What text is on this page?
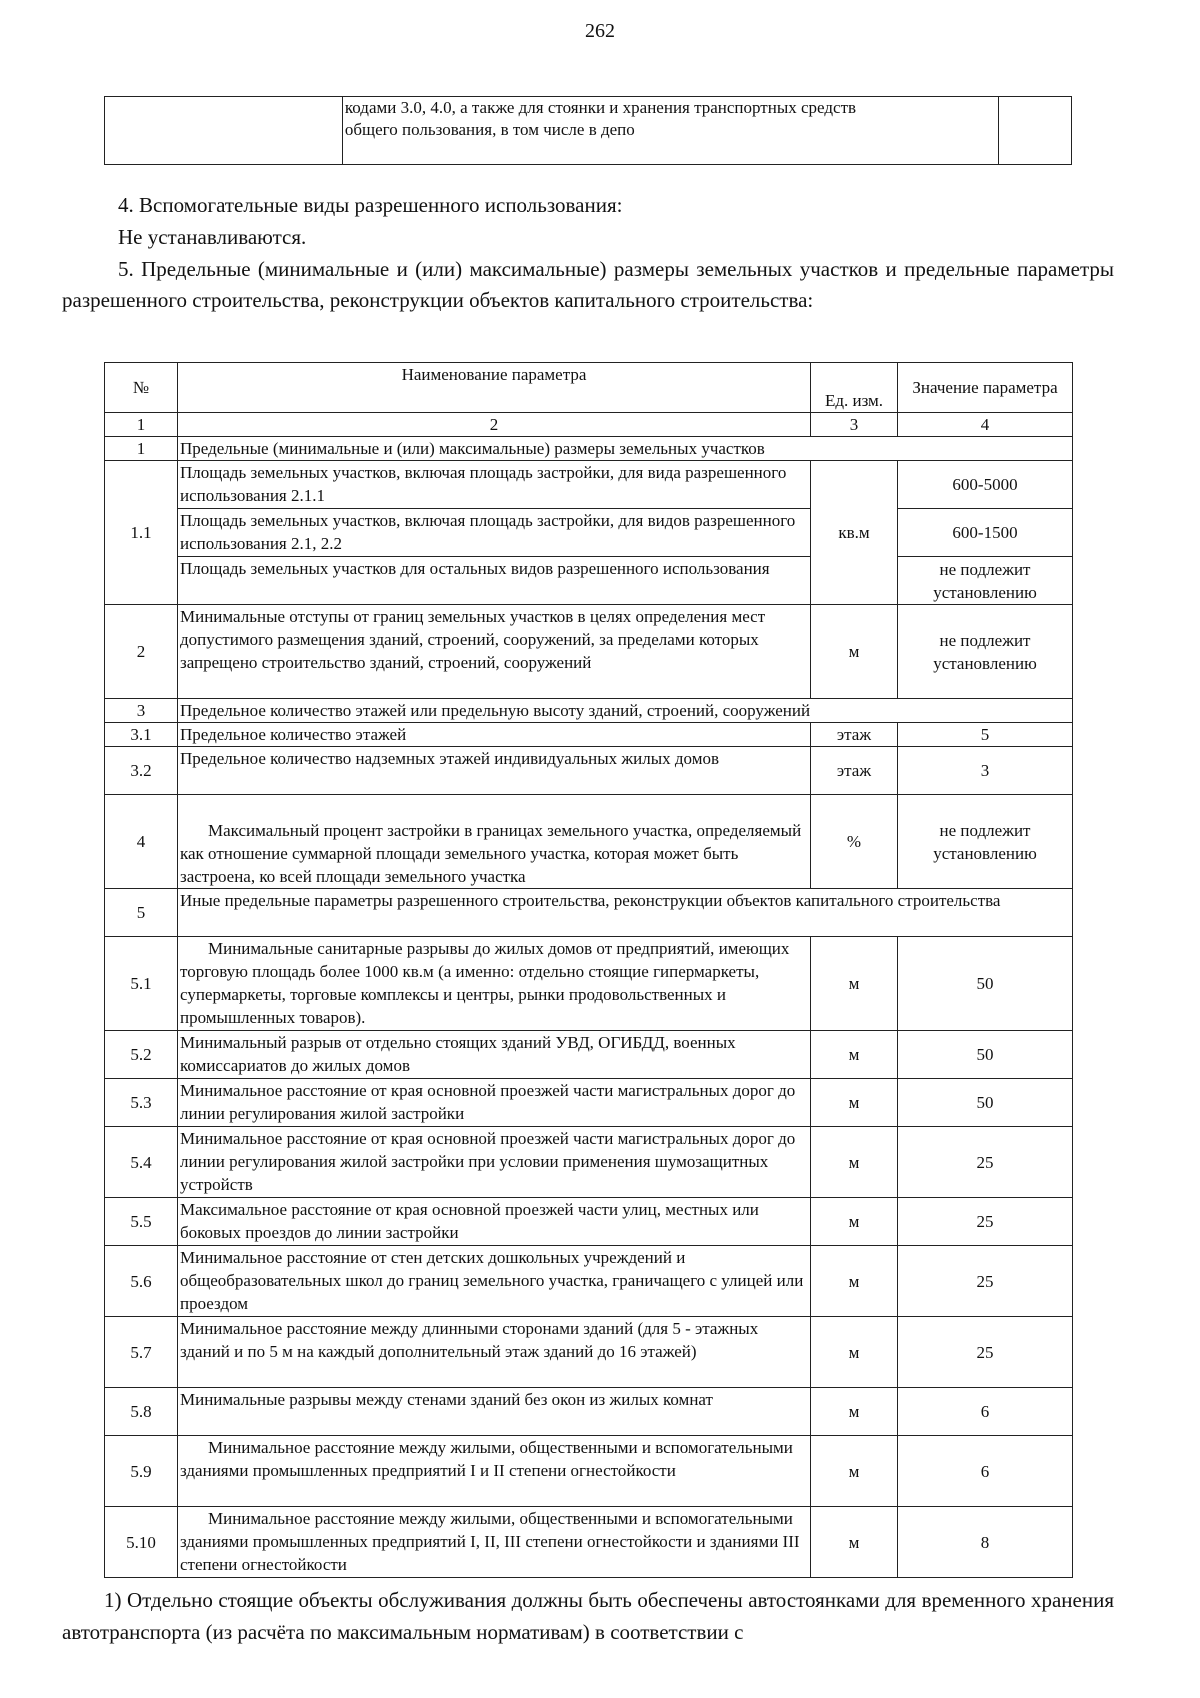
262

кодами 3.0, 4.0, а также для стоянки и хранения транспортных средств
общего пользования, в том числе в депо

4. Вспомогательные виды разрешенного использования:
Не устанавливаются.
5. Предельные (минимальные и (или) максимальные) размеры земельных участков и предельные параметры разрешенного строительства, реконструкции объектов капитального строительства:
№	Наименование параметра	Ед. изм.	Значение параметра
1	2	3	4
1	Предельные (минимальные и (или) максимальные) размеры земельных участков		
1.1	Площадь земельных участков, включая площадь застройки, для вида разрешенного использования 2.1.1	кв.м	600-5000
	Площадь земельных участков, включая площадь застройки, для видов разрешенного использования 2.1, 2.2		600-1500
	Площадь земельных участков для остальных видов разрешенного использования		не подлежит установлению
2	Минимальные отступы от границ земельных участков в целях определения мест допустимого размещения зданий, строений, сооружений, за пределами которых запрещено строительство зданий, строений, сооружений	м	не подлежит установлению
3	Предельное количество этажей или предельную высоту зданий, строений, сооружений		
3.1	Предельное количество этажей	этаж	5
3.2	Предельное количество надземных этажей индивидуальных жилых домов	этаж	3
4	Максимальный процент застройки в границах земельного участка, определяемый как отношение суммарной площади земельного участка, которая может быть застроена, ко всей площади земельного участка	%	не подлежит установлению
5	Иные предельные параметры разрешенного строительства, реконструкции объектов капитального строительства		
5.1	Минимальные санитарные разрывы до жилых домов от предприятий, имеющих торговую площадь более 1000 кв.м (а именно: отдельно стоящие гипермаркеты, супермаркеты, торговые комплексы и центры, рынки продовольственных и промышленных товаров).	м	50
5.2	Минимальный разрыв от отдельно стоящих зданий УВД, ОГИБДД, военных комиссариатов до жилых домов	м	50
5.3	Минимальное расстояние от края основной проезжей части магистральных дорог до линии регулирования жилой застройки	м	50
5.4	Минимальное расстояние от края основной проезжей части магистральных дорог до линии регулирования жилой застройки при условии применения шумозащитных устройств	м	25
5.5	Максимальное расстояние от края основной проезжей части улиц, местных или боковых проездов до линии застройки	м	25
5.6	Минимальное расстояние от стен детских дошкольных учреждений и общеобразовательных школ до границ земельного участка, граничащего с улицей или проездом	м	25
5.7	Минимальное расстояние между длинными сторонами зданий (для 5 - этажных зданий и по 5 м на каждый дополнительный этаж зданий до 16 этажей)	м	25
5.8	Минимальные разрывы между стенами зданий без окон из жилых комнат	м	6
5.9	Минимальное расстояние между жилыми, общественными и вспомогательными зданиями промышленных предприятий I и II степени огнестойкости	м	6
5.10	Минимальное расстояние между жилыми, общественными и вспомогательными зданиями промышленных предприятий I, II, III степени огнестойкости и зданиями III степени огнестойкости	м	8
1) Отдельно стоящие объекты обслуживания должны быть обеспечены автостоянками для временного хранения автотранспорта (из расчёта по максимальным нормативам) в соответствии с
